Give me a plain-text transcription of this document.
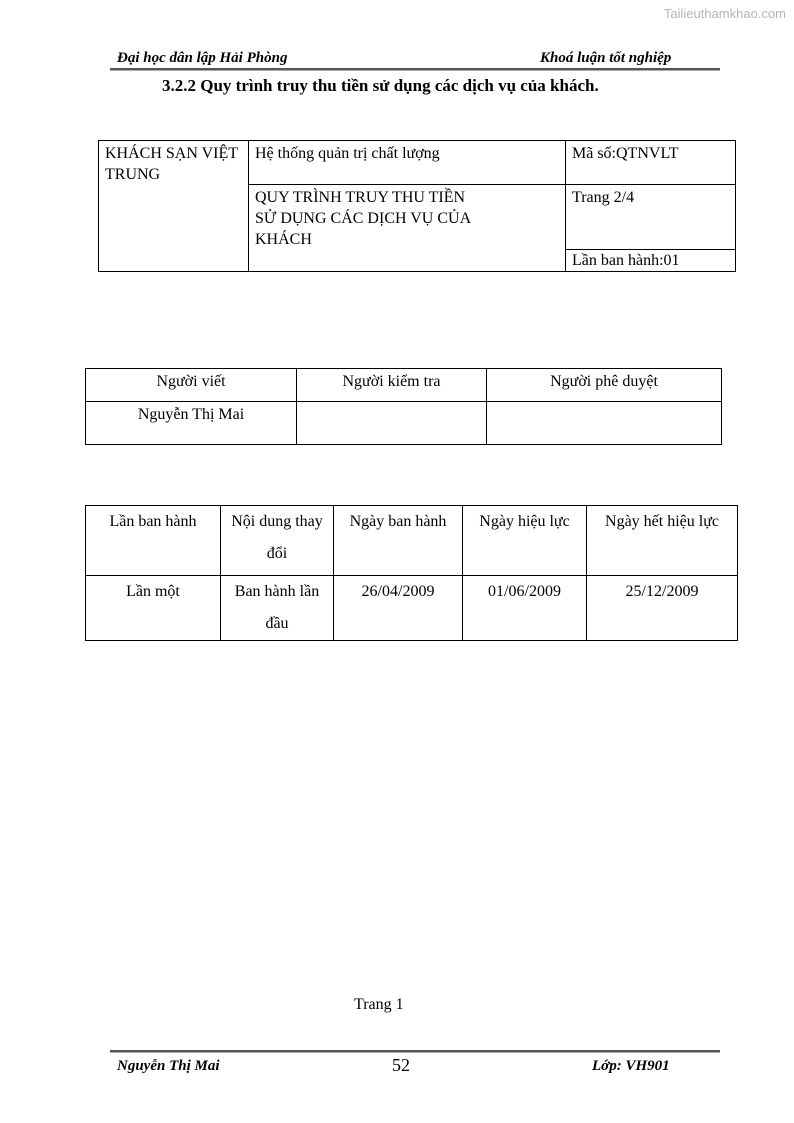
Tailieuthamkhao.com
Đại học dân lập Hải Phòng	Khoá luận tốt nghiệp
3.2.2 Quy trình truy thu tiền sử dụng các dịch vụ của khách.
KHÁCH SẠN VIỆT TRUNG	Hệ thống quản trị chất lượng	Mã số:QTNVLT
	QUY TRÌNH TRUY THU TIỀN SỬ DỤNG CÁC DỊCH VỤ CỦA KHÁCH	Trang 2/4
		Lần ban hành:01
Người viết	Người kiểm tra	Người phê duyệt
Nguyễn Thị Mai		
Lần ban hành	Nội dung thay đổi	Ngày ban hành	Ngày hiệu lực	Ngày hết hiệu lực
Lần một	Ban hành lần đầu	26/04/2009	01/06/2009	25/12/2009
Trang 1
Nguyễn Thị Mai	52	Lớp: VH901
